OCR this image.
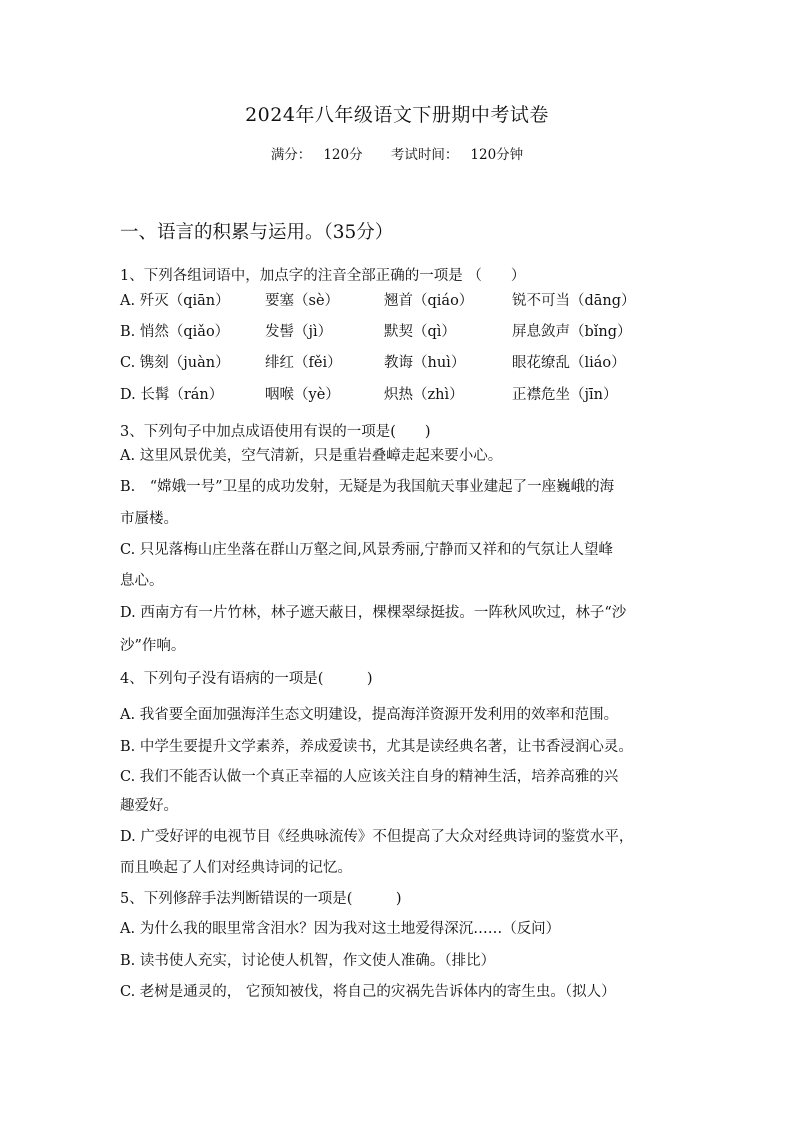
2024年八年级语文下册期中考试卷
满分： 120分 考试时间： 120分钟
一、语言的积累与运用。（35分）
1、下列各组词语中，加点字的注音全部正确的一项是 （　　）
A. 歼灭（qiān） 要塞（sè）	翘首（qiáo）	锐不可当（dāng）
B. 悄然（qiǎo） 发髻（jì）	默契（qì）	屏息敛声（bǐng）
C. 镌刻（juàn） 绯红（fěi）	教诲（huì）	眼花缭乱（liáo）
D. 长髯（rán）	咽喉（yè）	炽热（zhì）	正襟危坐（jīn）
3、下列句子中加点成语使用有误的一项是(　　)
A. 这里风景优美，空气清新，只是重岩叠嶂走起来要小心。
B.　“嫦娥一号”卫星的成功发射，无疑是为我国航天事业建起了一座巍峨的海
市蜃楼。
C. 只见落梅山庄坐落在群山万壑之间,风景秀丽,宁静而又祥和的气氛让人望峰
息心。
D. 西南方有一片竹林，林子遮天蔽日，棵棵翠绿挺拔。一阵秋风吹过，林子“沙
沙”作响。
4、下列句子没有语病的一项是(　　　)
A. 我省要全面加强海洋生态文明建设，提高海洋资源开发利用的效率和范围。
B. 中学生要提升文学素养，养成爱读书，尤其是读经典名著，让书香浸润心灵。
C. 我们不能否认做一个真正幸福的人应该关注自身的精神生活，培养高雅的兴
趣爱好。
D. 广受好评的电视节目《经典咏流传》不但提高了大众对经典诗词的鉴赏水平，
而且唤起了人们对经典诗词的记忆。
5、下列修辞手法判断错误的一项是(　　　)
A. 为什么我的眼里常含泪水？因为我对这土地爱得深沉……（反问）
B. 读书使人充实，讨论使人机智，作文使人准确。（排比）
C. 老树是通灵的， 它预知被伐，将自己的灾祸先告诉体内的寄生虫。（拟人）
